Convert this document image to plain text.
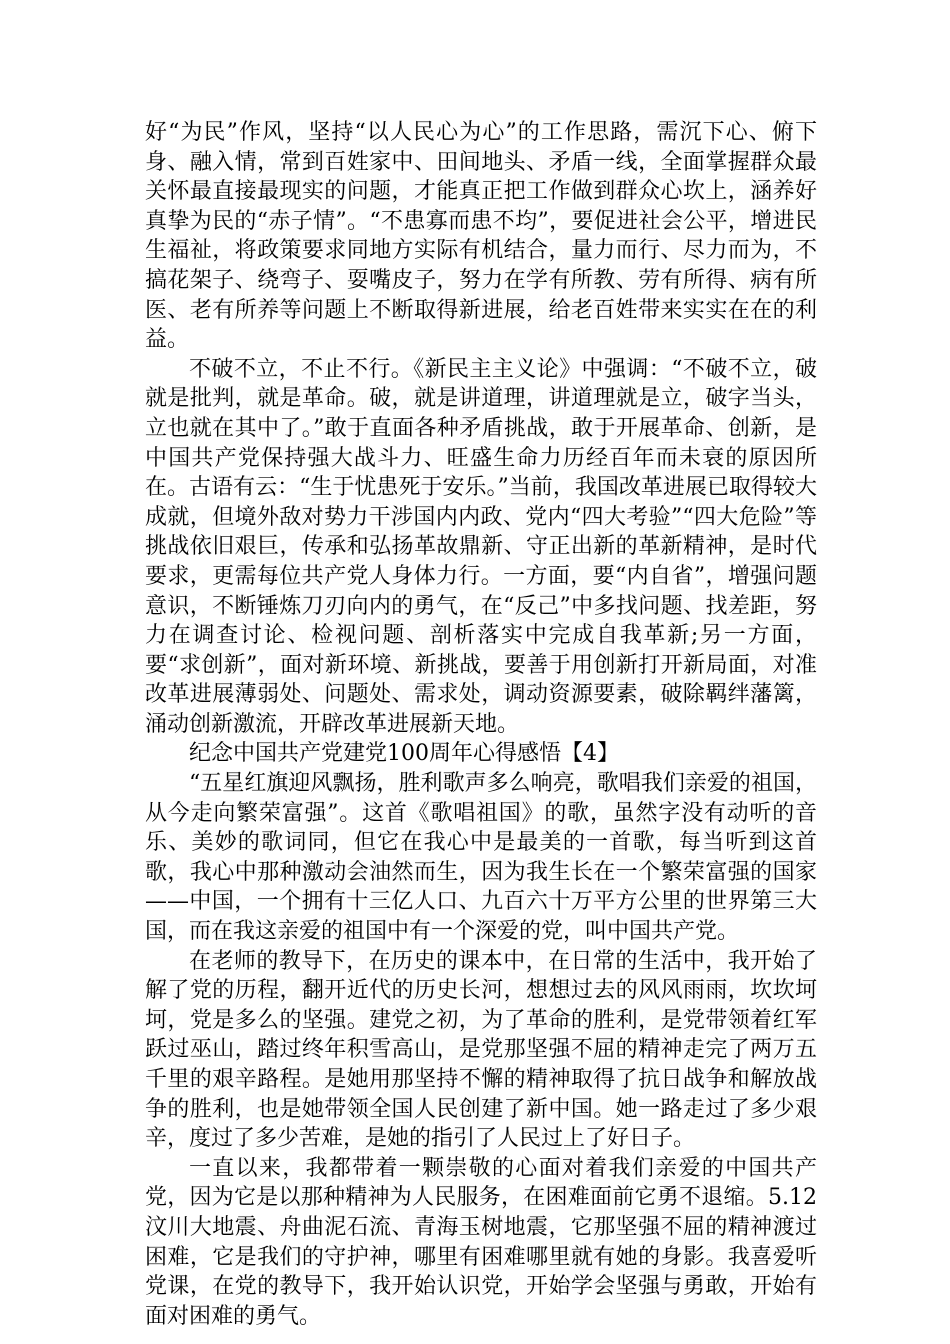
好“为民”作风，坚持“以人民心为心”的工作思路，需沉下心、俯下身、融入情，常到百姓家中、田间地头、矛盾一线，全面掌握群众最关怀最直接最现实的问题，才能真正把工作做到群众心坎上，涵养好真挚为民的“赤子情”。“不患寡而患不均”，要促进社会公平，增进民生福祉，将政策要求同地方实际有机结合，量力而行、尽力而为，不搞花架子、绕弯子、耍嘴皮子，努力在学有所教、劳有所得、病有所医、老有所养等问题上不断取得新进展，给老百姓带来实实在在的利益。

不破不立，不止不行。《新民主主义论》中强调：“不破不立，破就是批判，就是革命。破，就是讲道理，讲道理就是立，破字当头，立也就在其中了。”敢于直面各种矛盾挑战，敢于开展革命、创新，是中国共产党保持强大战斗力、旺盛生命力历经百年而未衰的原因所在。古语有云：“生于忧患死于安乐。”当前，我国改革进展已取得较大成就，但境外敌对势力干涉国内内政、党内“四大考验”“四大危险”等挑战依旧艰巨，传承和弘扬革故鼎新、守正出新的革新精神，是时代要求，更需每位共产党人身体力行。一方面，要“内自省”，增强问题意识，不断锤炼刀刃向内的勇气，在“反己”中多找问题、找差距，努力在调查讨论、检视问题、剖析落实中完成自我革新;另一方面，要“求创新”，面对新环境、新挑战，要善于用创新打开新局面，对准改革进展薄弱处、问题处、需求处，调动资源要素，破除羁绊藩篱，涌动创新激流，开辟改革进展新天地。

纪念中国共产党建党100周年心得感悟【4】

“五星红旗迎风飘扬，胜利歌声多么响亮，歌唱我们亲爱的祖国，从今走向繁荣富强”。这首《歌唱祖国》的歌，虽然字没有动听的音乐、美妙的歌词同，但它在我心中是最美的一首歌，每当听到这首歌，我心中那种激动会油然而生，因为我生长在一个繁荣富强的国家——中国，一个拥有十三亿人口、九百六十万平方公里的世界第三大国，而在我这亲爱的祖国中有一个深爱的党，叫中国共产党。

在老师的教导下，在历史的课本中，在日常的生活中，我开始了解了党的历程，翻开近代的历史长河，想想过去的风风雨雨，坎坎坷坷，党是多么的坚强。建党之初，为了革命的胜利，是党带领着红军跃过巫山，踏过终年积雪高山，是党那坚强不屈的精神走完了两万五千里的艰辛路程。是她用那坚持不懈的精神取得了抗日战争和解放战争的胜利，也是她带领全国人民创建了新中国。她一路走过了多少艰辛，度过了多少苦难，是她的指引了人民过上了好日子。

一直以来，我都带着一颗崇敬的心面对着我们亲爱的中国共产党，因为它是以那种精神为人民服务，在困难面前它勇不退缩。5.12汶川大地震、舟曲泥石流、青海玉树地震，它那坚强不屈的精神渡过困难，它是我们的守护神，哪里有困难哪里就有她的身影。我喜爱听党课，在党的教导下，我开始认识党，开始学会坚强与勇敢，开始有面对困难的勇气。
